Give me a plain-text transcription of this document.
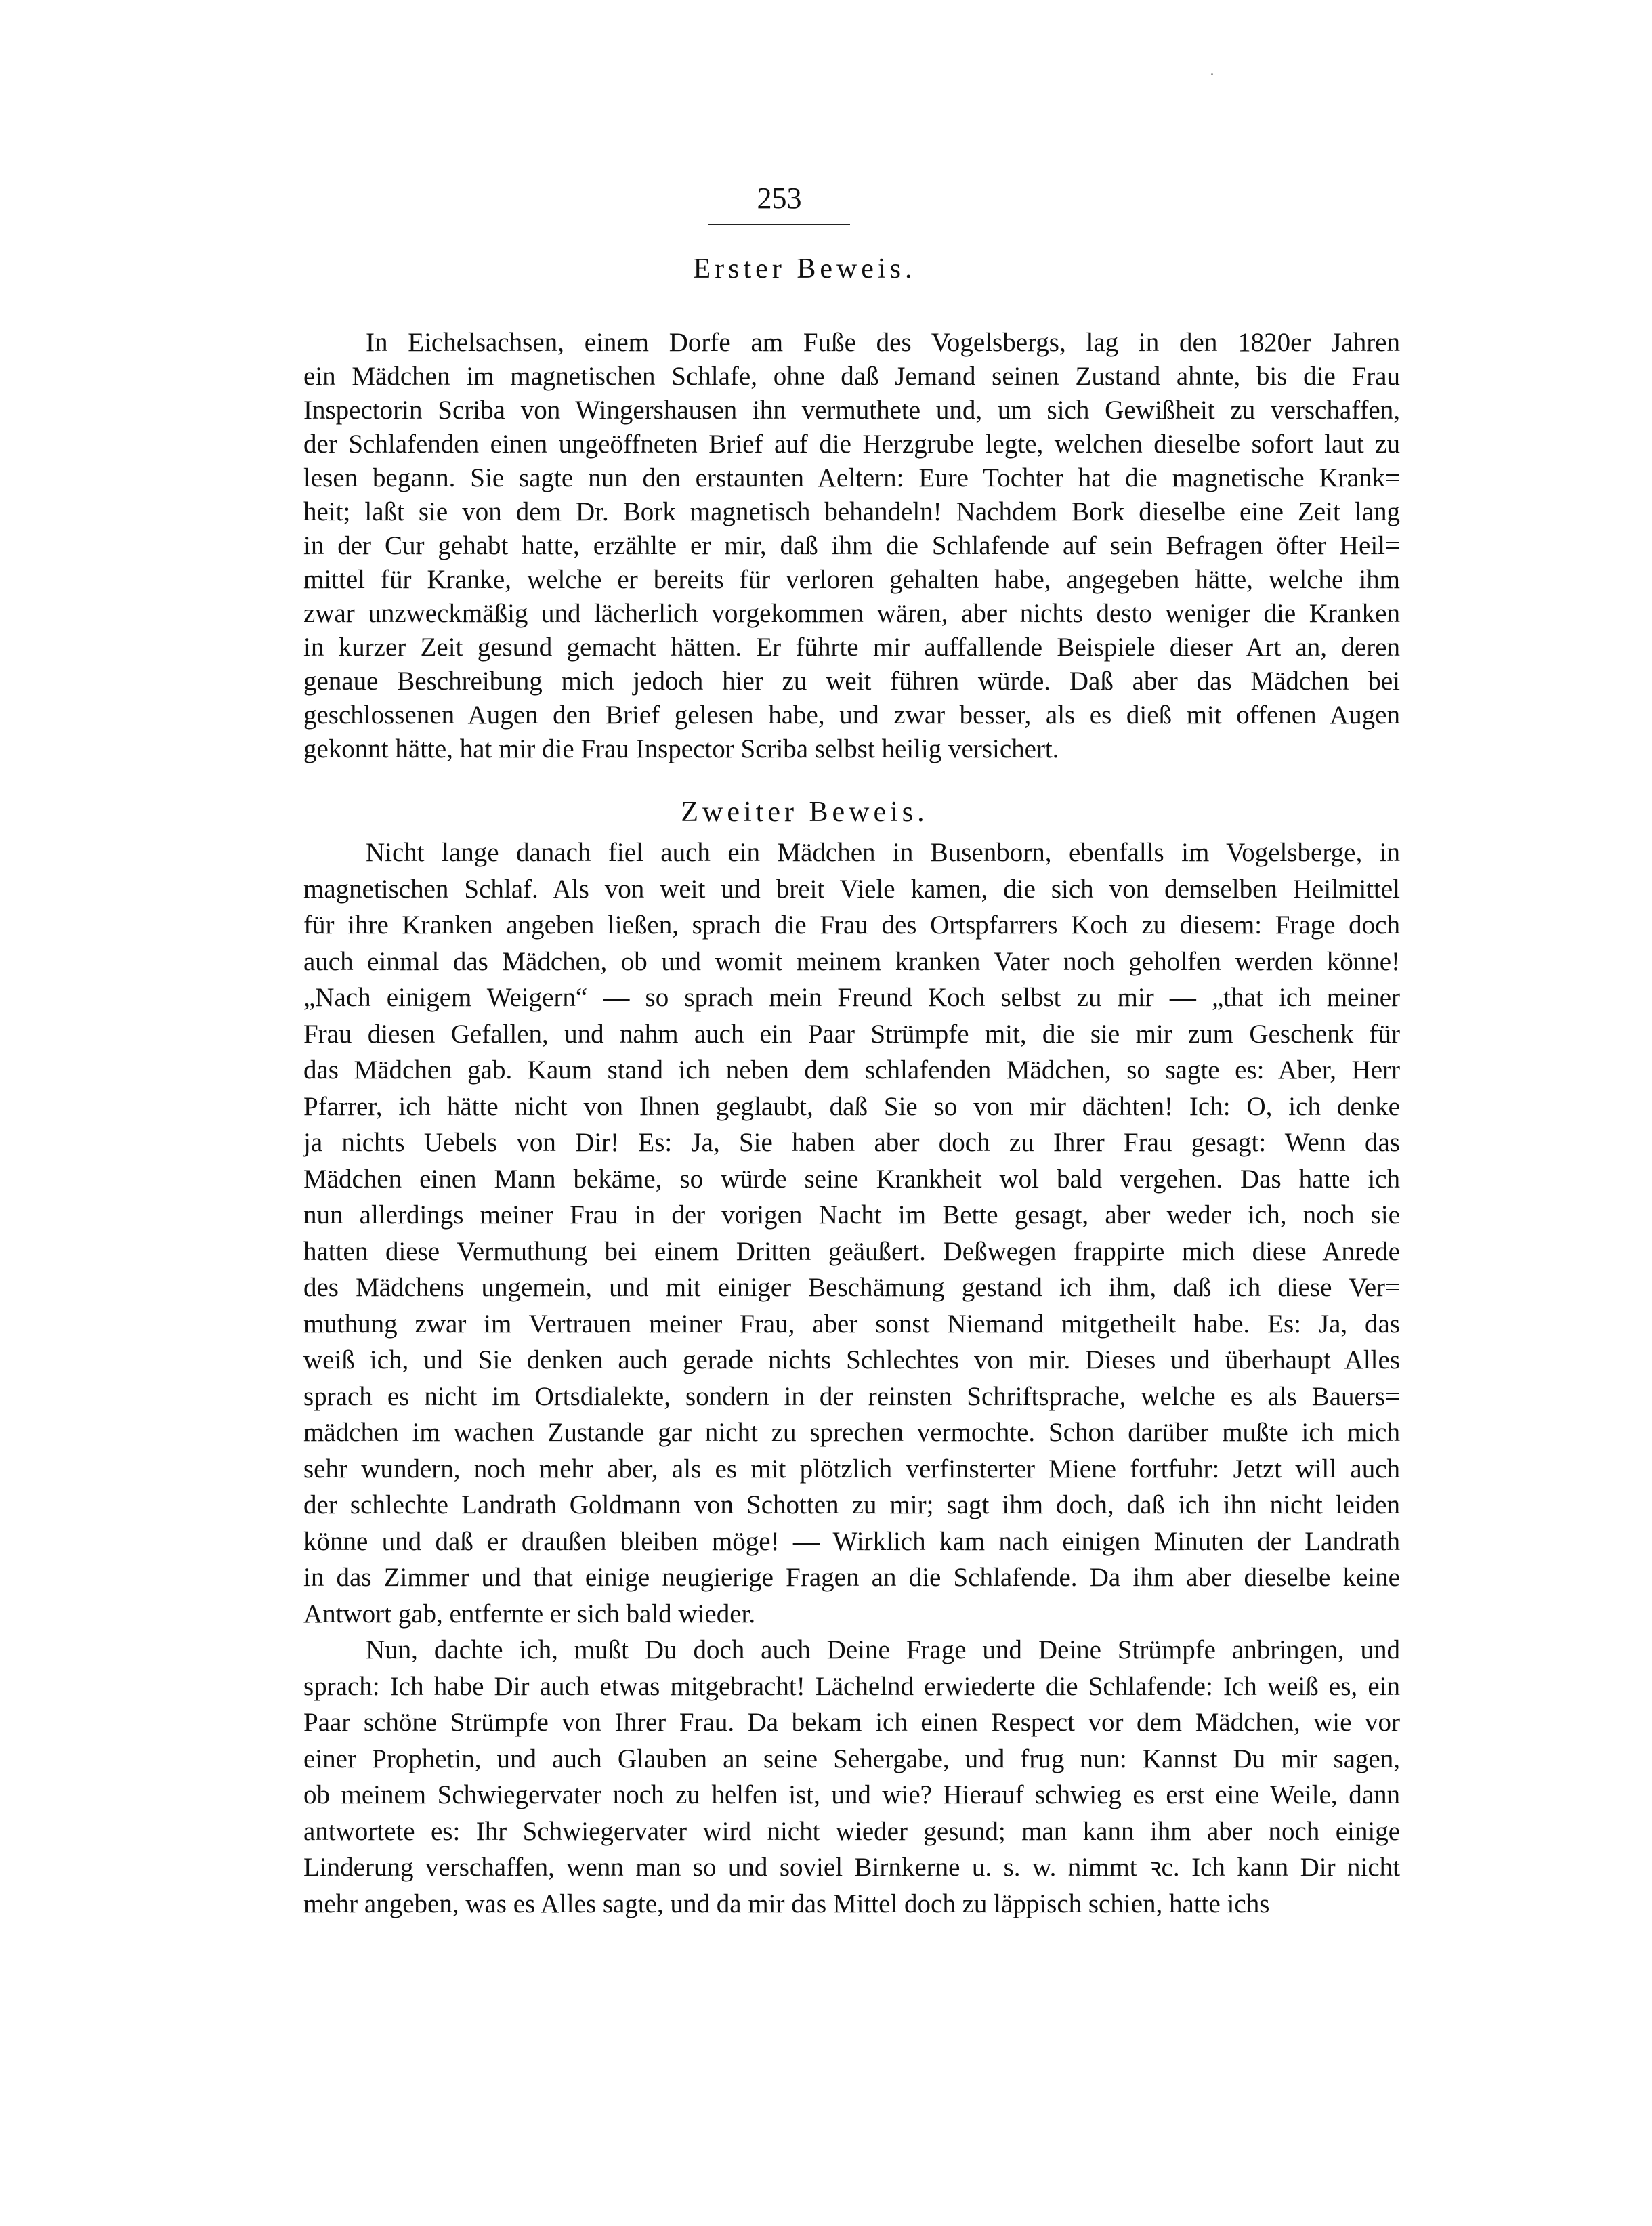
253
Erster Beweis.
In Eichelsachsen, einem Dorfe am Fuße des Vogelsbergs, lag in den 1820er Jahren
ein Mädchen im magnetischen Schlafe, ohne daß Jemand seinen Zustand ahnte, bis die Frau
Inspectorin Scriba von Wingershausen ihn vermuthete und, um sich Gewißheit zu verschaffen,
der Schlafenden einen ungeöffneten Brief auf die Herzgrube legte, welchen dieselbe sofort laut zu
lesen begann. Sie sagte nun den erstaunten Aeltern: Eure Tochter hat die magnetische Krank=
heit; laßt sie von dem Dr. Bork magnetisch behandeln! Nachdem Bork dieselbe eine Zeit lang
in der Cur gehabt hatte, erzählte er mir, daß ihm die Schlafende auf sein Befragen öfter Heil=
mittel für Kranke, welche er bereits für verloren gehalten habe, angegeben hätte, welche ihm
zwar unzweckmäßig und lächerlich vorgekommen wären, aber nichts desto weniger die Kranken
in kurzer Zeit gesund gemacht hätten. Er führte mir auffallende Beispiele dieser Art an, deren
genaue Beschreibung mich jedoch hier zu weit führen würde. Daß aber das Mädchen bei
geschlossenen Augen den Brief gelesen habe, und zwar besser, als es dieß mit offenen Augen
gekonnt hätte, hat mir die Frau Inspector Scriba selbst heilig versichert.
Zweiter Beweis.
Nicht lange danach fiel auch ein Mädchen in Busenborn, ebenfalls im Vogelsberge, in
magnetischen Schlaf. Als von weit und breit Viele kamen, die sich von demselben Heilmittel
für ihre Kranken angeben ließen, sprach die Frau des Ortspfarrers Koch zu diesem: Frage doch
auch einmal das Mädchen, ob und womit meinem kranken Vater noch geholfen werden könne!
„Nach einigem Weigern“ — so sprach mein Freund Koch selbst zu mir — „that ich meiner
Frau diesen Gefallen, und nahm auch ein Paar Strümpfe mit, die sie mir zum Geschenk für
das Mädchen gab. Kaum stand ich neben dem schlafenden Mädchen, so sagte es: Aber, Herr
Pfarrer, ich hätte nicht von Ihnen geglaubt, daß Sie so von mir dächten! Ich: O, ich denke
ja nichts Uebels von Dir! Es: Ja, Sie haben aber doch zu Ihrer Frau gesagt: Wenn das
Mädchen einen Mann bekäme, so würde seine Krankheit wol bald vergehen. Das hatte ich
nun allerdings meiner Frau in der vorigen Nacht im Bette gesagt, aber weder ich, noch sie
hatten diese Vermuthung bei einem Dritten geäußert. Deßwegen frappirte mich diese Anrede
des Mädchens ungemein, und mit einiger Beschämung gestand ich ihm, daß ich diese Ver=
muthung zwar im Vertrauen meiner Frau, aber sonst Niemand mitgetheilt habe. Es: Ja, das
weiß ich, und Sie denken auch gerade nichts Schlechtes von mir. Dieses und überhaupt Alles
sprach es nicht im Ortsdialekte, sondern in der reinsten Schriftsprache, welche es als Bauers=
mädchen im wachen Zustande gar nicht zu sprechen vermochte. Schon darüber mußte ich mich
sehr wundern, noch mehr aber, als es mit plötzlich verfinsterter Miene fortfuhr: Jetzt will auch
der schlechte Landrath Goldmann von Schotten zu mir; sagt ihm doch, daß ich ihn nicht leiden
könne und daß er draußen bleiben möge! — Wirklich kam nach einigen Minuten der Landrath
in das Zimmer und that einige neugierige Fragen an die Schlafende. Da ihm aber dieselbe keine
Antwort gab, entfernte er sich bald wieder.
Nun, dachte ich, mußt Du doch auch Deine Frage und Deine Strümpfe anbringen, und
sprach: Ich habe Dir auch etwas mitgebracht! Lächelnd erwiederte die Schlafende: Ich weiß es, ein
Paar schöne Strümpfe von Ihrer Frau. Da bekam ich einen Respect vor dem Mädchen, wie vor
einer Prophetin, und auch Glauben an seine Sehergabe, und frug nun: Kannst Du mir sagen,
ob meinem Schwiegervater noch zu helfen ist, und wie? Hierauf schwieg es erst eine Weile, dann
antwortete es: Ihr Schwiegervater wird nicht wieder gesund; man kann ihm aber noch einige
Linderung verschaffen, wenn man so und soviel Birnkerne u. s. w. nimmt ꝛc. Ich kann Dir nicht
mehr angeben, was es Alles sagte, und da mir das Mittel doch zu läppisch schien, hatte ichs
